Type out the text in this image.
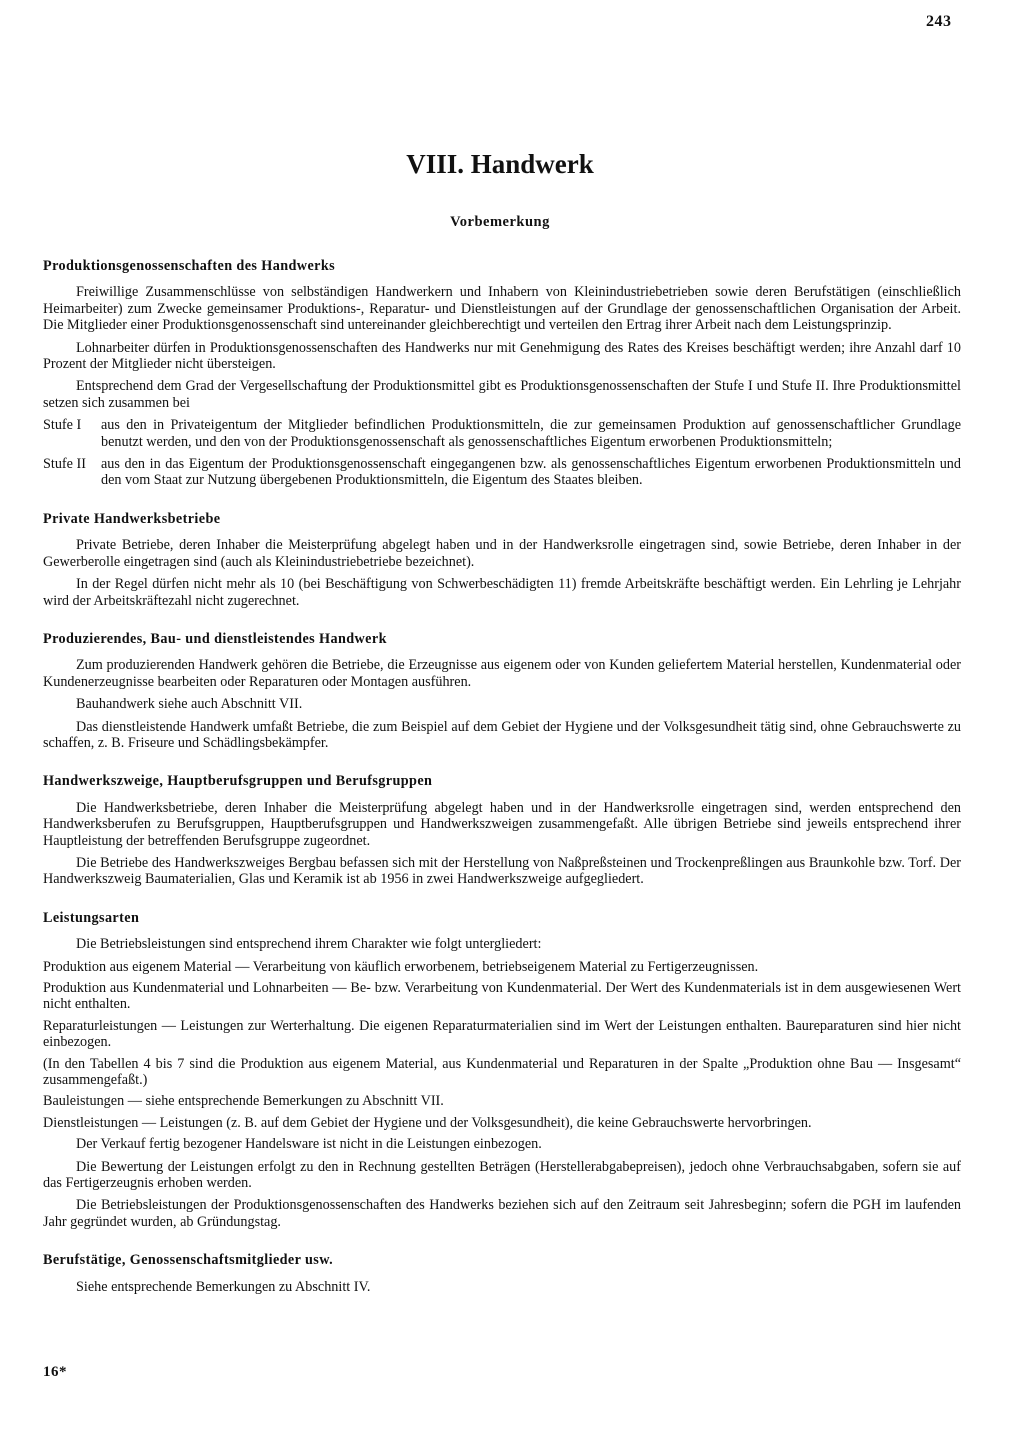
243
VIII. Handwerk
Vorbemerkung
Produktionsgenossenschaften des Handwerks

Freiwillige Zusammenschlüsse von selbständigen Handwerkern und Inhabern von Kleinindustriebetrieben sowie deren Berufstätigen (einschließlich Heimarbeiter) zum Zwecke gemeinsamer Produktions-, Reparatur- und Dienstleistungen auf der Grundlage der genossenschaftlichen Organisation der Arbeit. Die Mitglieder einer Produktionsgenossenschaft sind untereinander gleichberechtigt und verteilen den Ertrag ihrer Arbeit nach dem Leistungsprinzip.

Lohnarbeiter dürfen in Produktionsgenossenschaften des Handwerks nur mit Genehmigung des Rates des Kreises beschäftigt werden; ihre Anzahl darf 10 Prozent der Mitglieder nicht übersteigen.

Entsprechend dem Grad der Vergesellschaftung der Produktionsmittel gibt es Produktionsgenossenschaften der Stufe I und Stufe II. Ihre Produktionsmittel setzen sich zusammen bei

Stufe I	aus den in Privateigentum der Mitglieder befindlichen Produktionsmitteln, die zur gemeinsamen Produktion auf genossenschaftlicher Grundlage benutzt werden, und den von der Produktionsgenossenschaft als genossenschaftliches Eigentum erworbenen Produktionsmitteln;
Stufe II	aus den in das Eigentum der Produktionsgenossenschaft eingegangenen bzw. als genossenschaftliches Eigentum erworbenen Produktionsmitteln und den vom Staat zur Nutzung übergebenen Produktionsmitteln, die Eigentum des Staates bleiben.
Private Handwerksbetriebe

Private Betriebe, deren Inhaber die Meisterprüfung abgelegt haben und in der Handwerksrolle eingetragen sind, sowie Betriebe, deren Inhaber in der Gewerberolle eingetragen sind (auch als Kleinindustriebetriebe bezeichnet).

In der Regel dürfen nicht mehr als 10 (bei Beschäftigung von Schwerbeschädigten 11) fremde Arbeitskräfte beschäftigt werden. Ein Lehrling je Lehrjahr wird der Arbeitskräftezahl nicht zugerechnet.

Produzierendes, Bau- und dienstleistendes Handwerk

Zum produzierenden Handwerk gehören die Betriebe, die Erzeugnisse aus eigenem oder von Kunden geliefertem Material herstellen, Kundenmaterial oder Kundenerzeugnisse bearbeiten oder Reparaturen oder Montagen ausführen.

Bauhandwerk siehe auch Abschnitt VII.

Das dienstleistende Handwerk umfaßt Betriebe, die zum Beispiel auf dem Gebiet der Hygiene und der Volksgesundheit tätig sind, ohne Gebrauchswerte zu schaffen, z. B. Friseure und Schädlingsbekämpfer.

Handwerkszweige, Hauptberufsgruppen und Berufsgruppen

Die Handwerksbetriebe, deren Inhaber die Meisterprüfung abgelegt haben und in der Handwerksrolle eingetragen sind, werden entsprechend den Handwerksberufen zu Berufsgruppen, Hauptberufsgruppen und Handwerkszweigen zusammengefaßt. Alle übrigen Betriebe sind jeweils entsprechend ihrer Hauptleistung der betreffenden Berufsgruppe zugeordnet.

Die Betriebe des Handwerkszweiges Bergbau befassen sich mit der Herstellung von Naßpreßsteinen und Trockenpreßlingen aus Braunkohle bzw. Torf. Der Handwerkszweig Baumaterialien, Glas und Keramik ist ab 1956 in zwei Handwerkszweige aufgegliedert.

Leistungsarten

Die Betriebsleistungen sind entsprechend ihrem Charakter wie folgt untergliedert:

Produktion aus eigenem Material — Verarbeitung von käuflich erworbenem, betriebseigenem Material zu Fertigerzeugnissen.

Produktion aus Kundenmaterial und Lohnarbeiten — Be- bzw. Verarbeitung von Kundenmaterial. Der Wert des Kundenmaterials ist in dem ausgewiesenen Wert nicht enthalten.

Reparaturleistungen — Leistungen zur Werterhaltung. Die eigenen Reparaturmaterialien sind im Wert der Leistungen enthalten. Baureparaturen sind hier nicht einbezogen.

(In den Tabellen 4 bis 7 sind die Produktion aus eigenem Material, aus Kundenmaterial und Reparaturen in der Spalte „Produktion ohne Bau — Insgesamt“ zusammengefaßt.)

Bauleistungen — siehe entsprechende Bemerkungen zu Abschnitt VII.

Dienstleistungen — Leistungen (z. B. auf dem Gebiet der Hygiene und der Volksgesundheit), die keine Gebrauchswerte hervorbringen.

Der Verkauf fertig bezogener Handelsware ist nicht in die Leistungen einbezogen.

Die Bewertung der Leistungen erfolgt zu den in Rechnung gestellten Beträgen (Herstellerabgabepreisen), jedoch ohne Verbrauchsabgaben, sofern sie auf das Fertigerzeugnis erhoben werden.

Die Betriebsleistungen der Produktionsgenossenschaften des Handwerks beziehen sich auf den Zeitraum seit Jahresbeginn; sofern die PGH im laufenden Jahr gegründet wurden, ab Gründungstag.

Berufstätige, Genossenschaftsmitglieder usw.

Siehe entsprechende Bemerkungen zu Abschnitt IV.

16*
